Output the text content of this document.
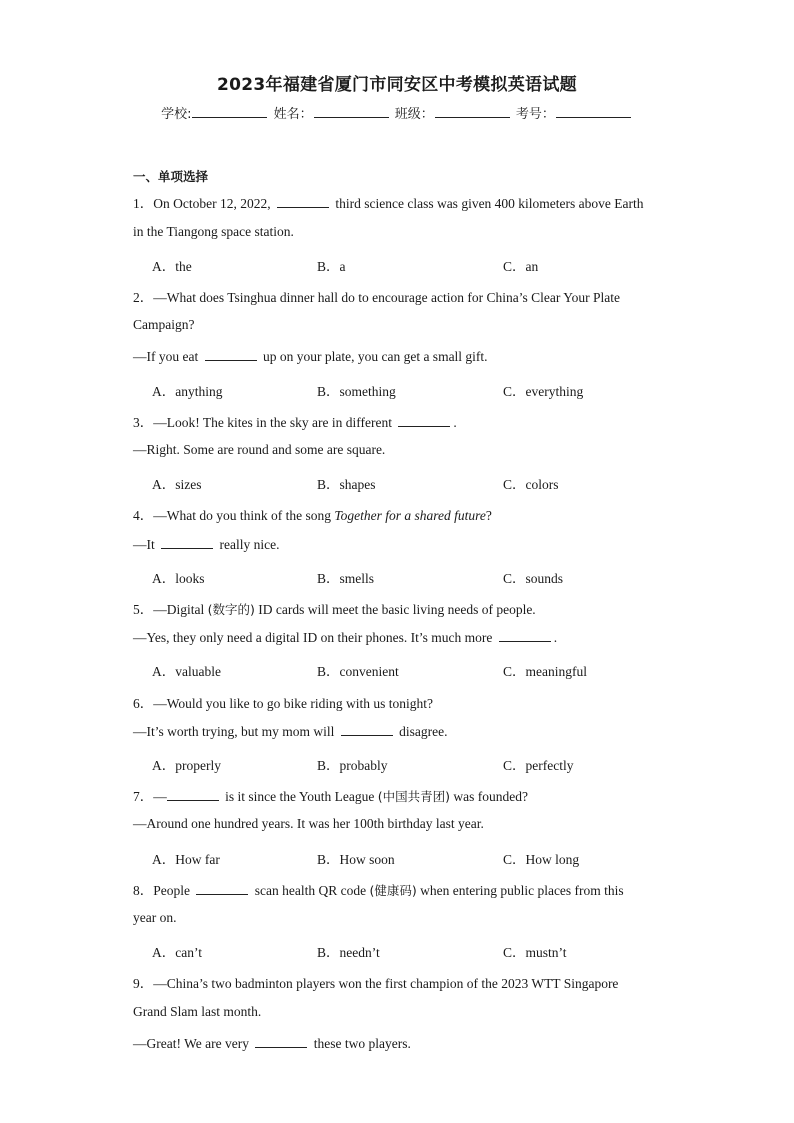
2023年福建省厦门市同安区中考模拟英语试题
学校:	姓名：	班级：	考号：
一、单项选择
1．On October 12, 2022,	third science class was given 400 kilometers above Earth
in the Tiangong space station.
A．the	B．a	C．an
2．—What does Tsinghua dinner hall do to encourage action for China’s Clear Your Plate
Campaign?
—If you eat	up on your plate, you can get a small gift.
A．anything	B．something	C．everything
3．—Look! The kites in the sky are in different	.
—Right. Some are round and some are square.
A．sizes	B．shapes	C．colors
4．—What do you think of the song Together for a shared future?
—It	really nice.
A．looks	B．smells	C．sounds
5．—Digital (数字的) ID cards will meet the basic living needs of people.
—Yes, they only need a digital ID on their phones. It’s much more	.
A．valuable	B．convenient	C．meaningful
6．—Would you like to go bike riding with us tonight?
—It’s worth trying, but my mom will	disagree.
A．properly	B．probably	C．perfectly
7．—	is it since the Youth League (中国共青团) was founded?
—Around one hundred years. It was her 100th birthday last year.
A．How far	B．How soon	C．How long
8．People	scan health QR code (健康码) when entering public places from this
year on.
A．can’t	B．needn’t	C．mustn’t
9．—China’s two badminton players won the first champion of the 2023 WTT Singapore
Grand Slam last month.
—Great! We are very	these two players.
